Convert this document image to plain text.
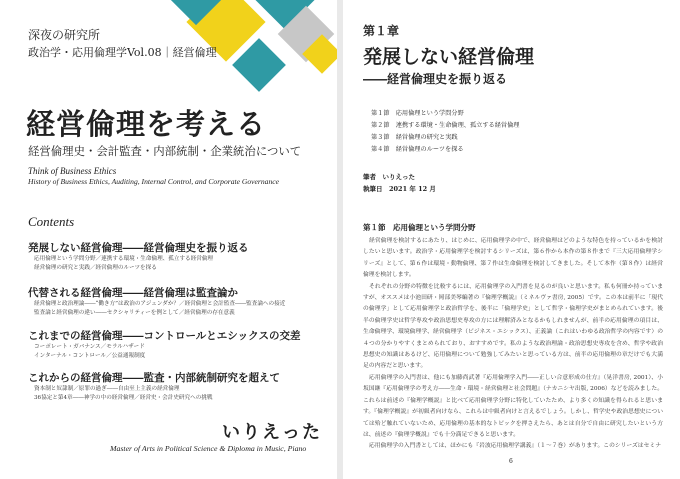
深夜の研究所
政治学・応用倫理学Vol.08｜経営倫理
経営倫理を考える
経営倫理史・会計監査・内部統制・企業統治について
Think of Business Ethics
History of Business Ethics, Auditing, Internal Control, and Corporate Governance
Contents
発展しない経営倫理――経営倫理史を振り返る
応用倫理という学問分野／連携する環境・生命倫理、孤立する経営倫理
経営倫理の研究と実践／経営倫理のルーツを探る
代替される経営倫理――経営倫理は監査論か
経営倫理と政治理論――“働き方”は政治のアジェンダか？／経営倫理と会計監査――監査論への接近
監査論と経営倫理の違い――セクシャリティーを例として／経営倫理の存在意義
これまでの経営倫理――コントロールとエシックスの交差
コーポレート・ガバナンス／モラルハザード
インターナル・コントロール／公益通報制度
これからの経営倫理――監査・内部統制研究を超えて
資本制と奴隷制／原罪の過ぎ――自由至上主義の経営倫理
36協定と第4章――神学の中の経営倫理／経営史・会計史研究への挑戦
いりえった
Master of Arts in Political Science & Diploma in Music, Piano
第１章
発展しない経営倫理
――経営倫理史を振り返る
第１節　応用倫理という学問分野
第２節　連携する環境・生命倫理、孤立する経営倫理
第３節　経営倫理の研究と実践
第４節　経営倫理のルーツを探る
筆者　いりえった
執筆日　2021 年 12 月
第１節　応用倫理という学問分野

経営倫理を検討するにあたり、はじめに、応用倫理学の中で、経営倫理はどのような特色を持っているかを検討したいと思います。政治学・応用倫理学を検討するシリーズは、第６作から本作の第８作まで『三大応用倫理学シリーズ』として、第６作は環境・動物倫理、第７作は生命倫理を検討してきました。そして本作（第８作）は経営倫理を検討します。

それぞれの分野の特徴を比較するには、応用倫理学の入門書を見るのが良いと思います。私も何冊か持っていますが、オススメは小池田研・岡部美琴編著の『倫理学概説』（ミネルヴァ書房, 2005）です。この本は前半に「現代の倫理学」として応用倫理学と政治哲学を、後半に「倫理学史」として哲学・倫理学史がまとめられています。後半の倫理学史は哲学専攻や政治思想史専攻の方には理解済みとなるかもしれませんが、前半の応用倫理の項目は、生命倫理学、環境倫理学、経営倫理学（ビジネス・エシックス）、正義論（これはいわゆる政治哲学の内容です）の４つの分かりやすくまとめられており、おすすめです。私のような政治理論・政治思想史専攻を含め、哲学や政治思想史の知識はあるけど、応用倫理について勉強してみたいと思っている方は、前半の応用倫理の章だけでも大満足の内容だと思います。

応用倫理学の入門書は、他にも加藤尚武著『応用倫理学入門――正しい合意形成の仕方』（晃洋書房, 2001）、小坂国継『応用倫理学の考え方――生命・環境・経営倫理と社会問題』（ナカニシヤ出版, 2006）などを読みました。これらは前述の『倫理学概説』と比べて応用倫理学分野に特化していたため、より多くの知識を得られると思います。『倫理学概説』が初級者向けなら、これらは中級者向けと言えるでしょう。しかし、哲学史や政治思想史については殆ど触れていないため、応用倫理の基本的なトピックを押さえたら、あとは自分で自由に研究したいという方は、前述の『倫理学概説』でも十分満足できると思います。

応用倫理学の入門書としては、ほかにも『岩波応用倫理学講義』（１〜７巻）があります。このシリーズはセミナ

6
